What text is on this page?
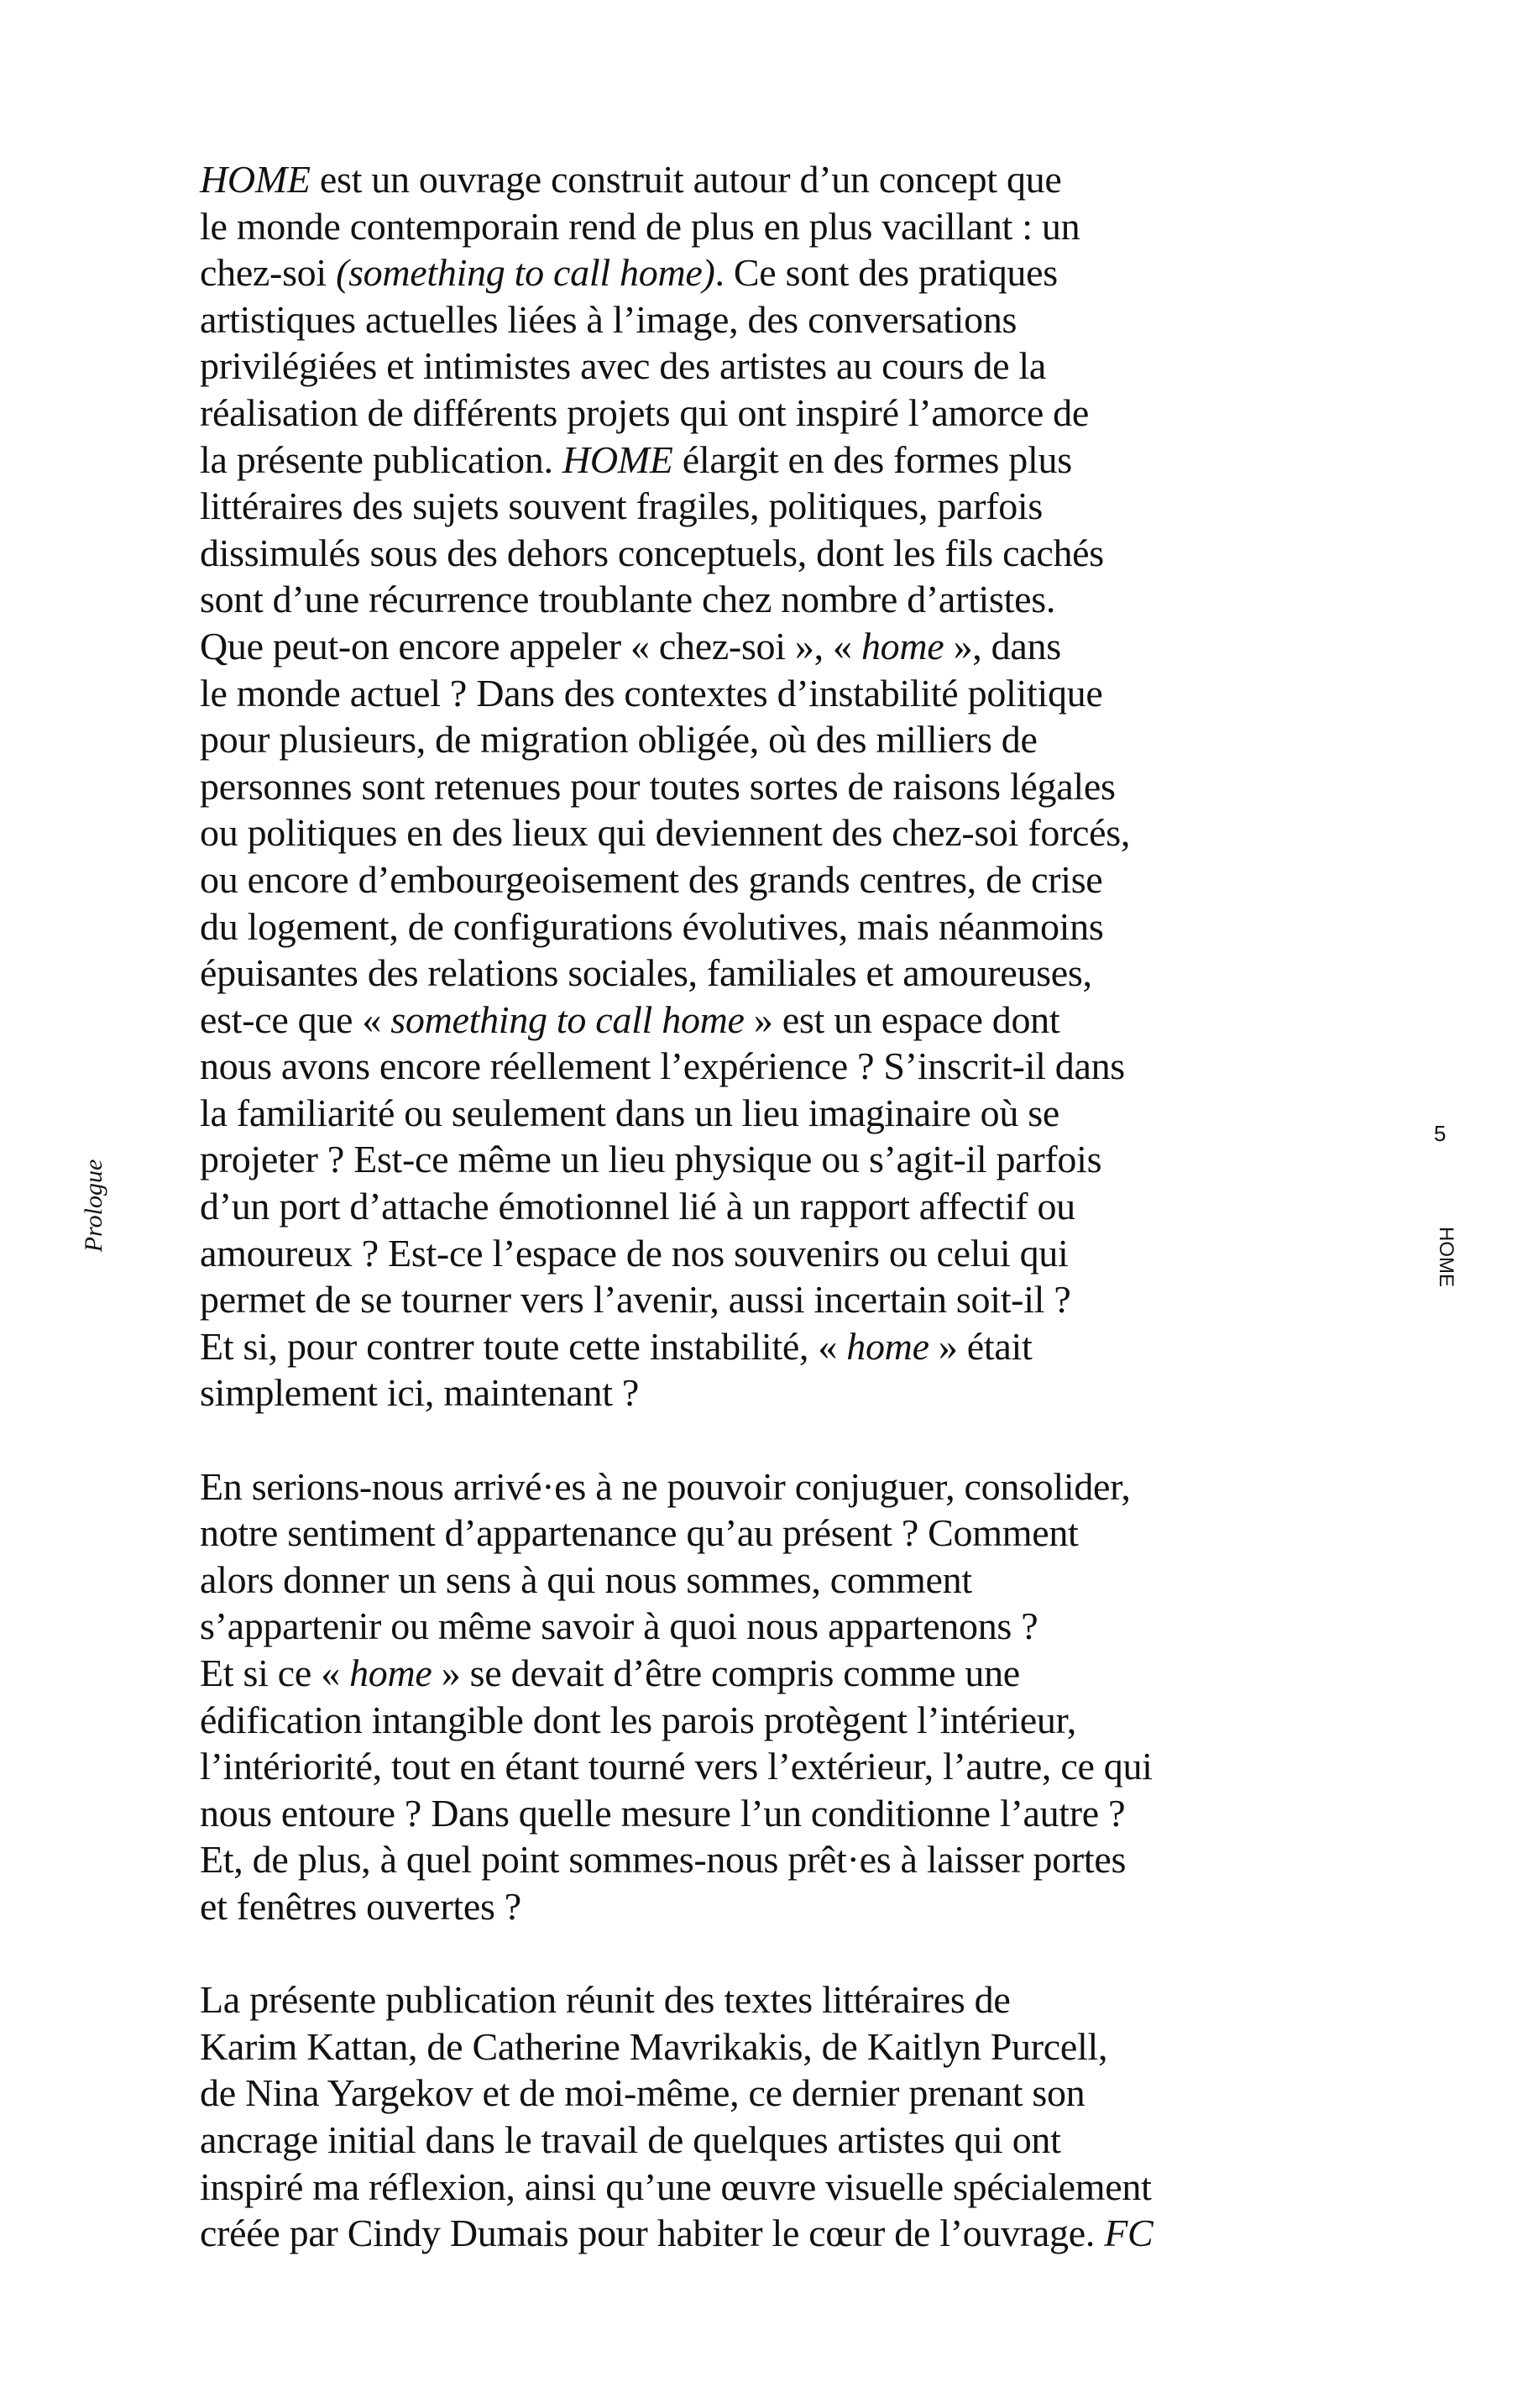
Prologue
5
HOME
HOME est un ouvrage construit autour d’un concept que
le monde contemporain rend de plus en plus vacillant : un
chez-soi (something to call home). Ce sont des pratiques
artistiques actuelles liées à l’image, des conversations
privilégiées et intimistes avec des artistes au cours de la
réalisation de différents projets qui ont inspiré l’amorce de
la présente publication. HOME élargit en des formes plus
littéraires des sujets souvent fragiles, politiques, parfois
dissimulés sous des dehors conceptuels, dont les fils cachés
sont d’une récurrence troublante chez nombre d’artistes.
Que peut-on encore appeler « chez-soi », « home », dans
le monde actuel ? Dans des contextes d’instabilité politique
pour plusieurs, de migration obligée, où des milliers de
personnes sont retenues pour toutes sortes de raisons légales
ou politiques en des lieux qui deviennent des chez-soi forcés,
ou encore d’embourgeoisement des grands centres, de crise
du logement, de configurations évolutives, mais néanmoins
épuisantes des relations sociales, familiales et amoureuses,
est-ce que « something to call home » est un espace dont
nous avons encore réellement l’expérience ? S’inscrit-il dans
la familiarité ou seulement dans un lieu imaginaire où se
projeter ? Est-ce même un lieu physique ou s’agit-il parfois
d’un port d’attache émotionnel lié à un rapport affectif ou
amoureux ? Est-ce l’espace de nos souvenirs ou celui qui
permet de se tourner vers l’avenir, aussi incertain soit-il ?
Et si, pour contrer toute cette instabilité, « home » était
simplement ici, maintenant ?
En serions-nous arrivé·es à ne pouvoir conjuguer, consolider,
notre sentiment d’appartenance qu’au présent ? Comment
alors donner un sens à qui nous sommes, comment
s’appartenir ou même savoir à quoi nous appartenons ?
Et si ce « home » se devait d’être compris comme une
édification intangible dont les parois protègent l’intérieur,
l’intériorité, tout en étant tourné vers l’extérieur, l’autre, ce qui
nous entoure ? Dans quelle mesure l’un conditionne l’autre ?
Et, de plus, à quel point sommes-nous prêt·es à laisser portes
et fenêtres ouvertes ?
La présente publication réunit des textes littéraires de
Karim Kattan, de Catherine Mavrikakis, de Kaitlyn Purcell,
de Nina Yargekov et de moi-même, ce dernier prenant son
ancrage initial dans le travail de quelques artistes qui ont
inspiré ma réflexion, ainsi qu’une œuvre visuelle spécialement
créée par Cindy Dumais pour habiter le cœur de l’ouvrage. FC
